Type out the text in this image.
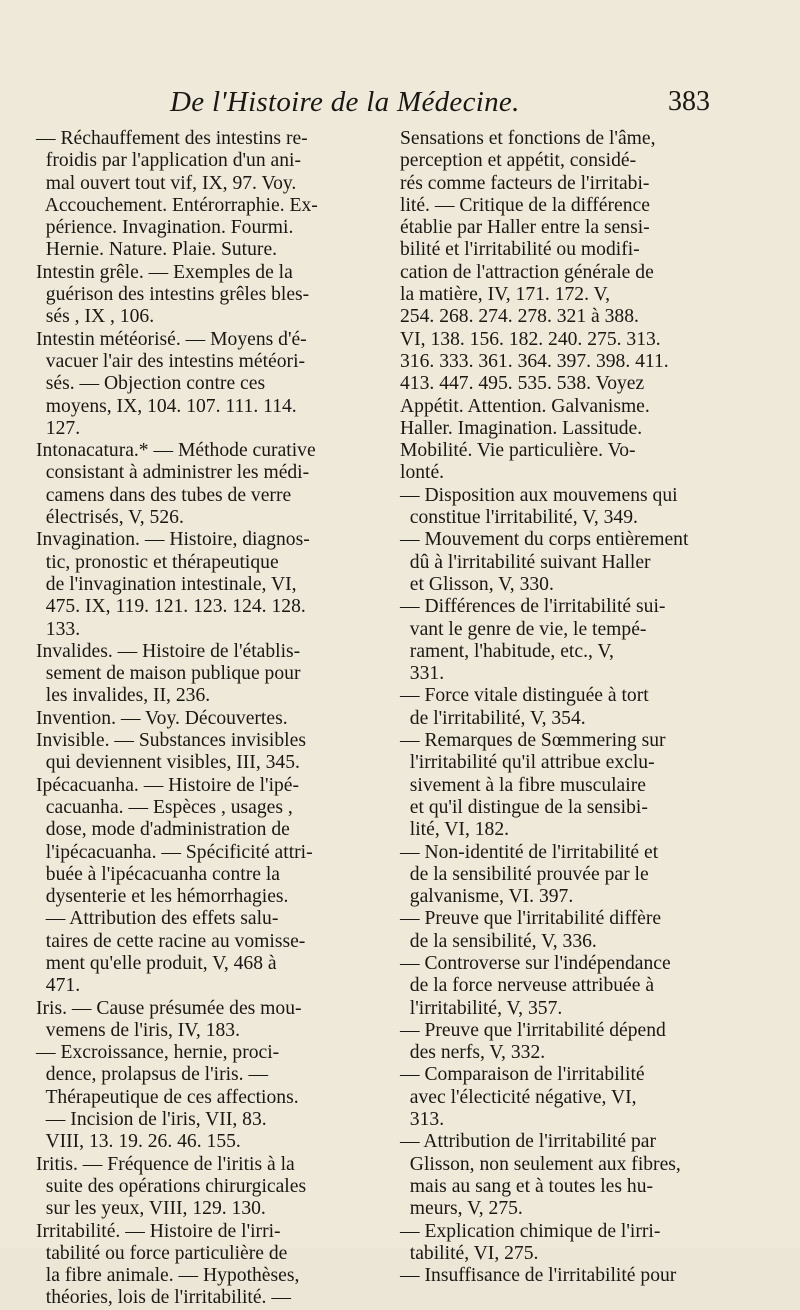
De l'Histoire de la Médecine.	383
— Réchauffement des intestins re-
froidis par l'application d'un ani-
mal ouvert tout vif, IX, 97. Voy.
Accouchement. Entérorraphie. Ex-
périence. Invagination. Fourmi.
Hernie. Nature. Plaie. Suture.
Intestin grêle. — Exemples de la
guérison des intestins grêles bles-
sés , IX , 106.
Intestin météorisé. — Moyens d'é-
vacuer l'air des intestins météori-
sés. — Objection contre ces
moyens, IX, 104. 107. 111. 114.
127.
Intonacatura.* — Méthode curative
consistant à administrer les médi-
camens dans des tubes de verre
électrisés, V, 526.
Invagination. — Histoire, diagnos-
tic, pronostic et thérapeutique
de l'invagination intestinale, VI,
475. IX, 119. 121. 123. 124. 128.
133.
Invalides. — Histoire de l'établis-
sement de maison publique pour
les invalides, II, 236.
Invention. — Voy. Découvertes.
Invisible. — Substances invisibles
qui deviennent visibles, III, 345.
Ipécacuanha. — Histoire de l'ipé-
cacuanha. — Espèces , usages ,
dose, mode d'administration de
l'ipécacuanha. — Spécificité attri-
buée à l'ipécacuanha contre la
dysenterie et les hémorrhagies.
— Attribution des effets salu-
taires de cette racine au vomisse-
ment qu'elle produit, V, 468 à
471.
Iris. — Cause présumée des mou-
vemens de l'iris, IV, 183.
— Excroissance, hernie, proci-
dence, prolapsus de l'iris. —
Thérapeutique de ces affections.
— Incision de l'iris, VII, 83.
VIII, 13. 19. 26. 46. 155.
Iritis. — Fréquence de l'iritis à la
suite des opérations chirurgicales
sur les yeux, VIII, 129. 130.
Irritabilité. — Histoire de l'irri-
tabilité ou force particulière de
la fibre animale. — Hypothèses,
théories, lois de l'irritabilité. —
Sensations et fonctions de l'âme,
perception et appétit, considé-
rés comme facteurs de l'irritabi-
lité. — Critique de la différence
établie par Haller entre la sensi-
bilité et l'irritabilité ou modifi-
cation de l'attraction générale de
la matière, IV, 171. 172. V,
254. 268. 274. 278. 321 à 388.
VI, 138. 156. 182. 240. 275. 313.
316. 333. 361. 364. 397. 398. 411.
413. 447. 495. 535. 538. Voyez
Appétit. Attention. Galvanisme.
Haller. Imagination. Lassitude.
Mobilité. Vie particulière. Vo-
lonté.
— Disposition aux mouvemens qui
constitue l'irritabilité, V, 349.
— Mouvement du corps entièrement
dû à l'irritabilité suivant Haller
et Glisson, V, 330.
— Différences de l'irritabilité sui-
vant le genre de vie, le tempé-
rament, l'habitude, etc., V,
331.
— Force vitale distinguée à tort
de l'irritabilité, V, 354.
— Remarques de Sœmmering sur
l'irritabilité qu'il attribue exclu-
sivement à la fibre musculaire
et qu'il distingue de la sensibi-
lité, VI, 182.
— Non-identité de l'irritabilité et
de la sensibilité prouvée par le
galvanisme, VI. 397.
— Preuve que l'irritabilité diffère
de la sensibilité, V, 336.
— Controverse sur l'indépendance
de la force nerveuse attribuée à
l'irritabilité, V, 357.
— Preuve que l'irritabilité dépend
des nerfs, V, 332.
— Comparaison de l'irritabilité
avec l'électicité négative, VI,
313.
— Attribution de l'irritabilité par
Glisson, non seulement aux fibres,
mais au sang et à toutes les hu-
meurs, V, 275.
— Explication chimique de l'irri-
tabilité, VI, 275.
— Insuffisance de l'irritabilité pour
